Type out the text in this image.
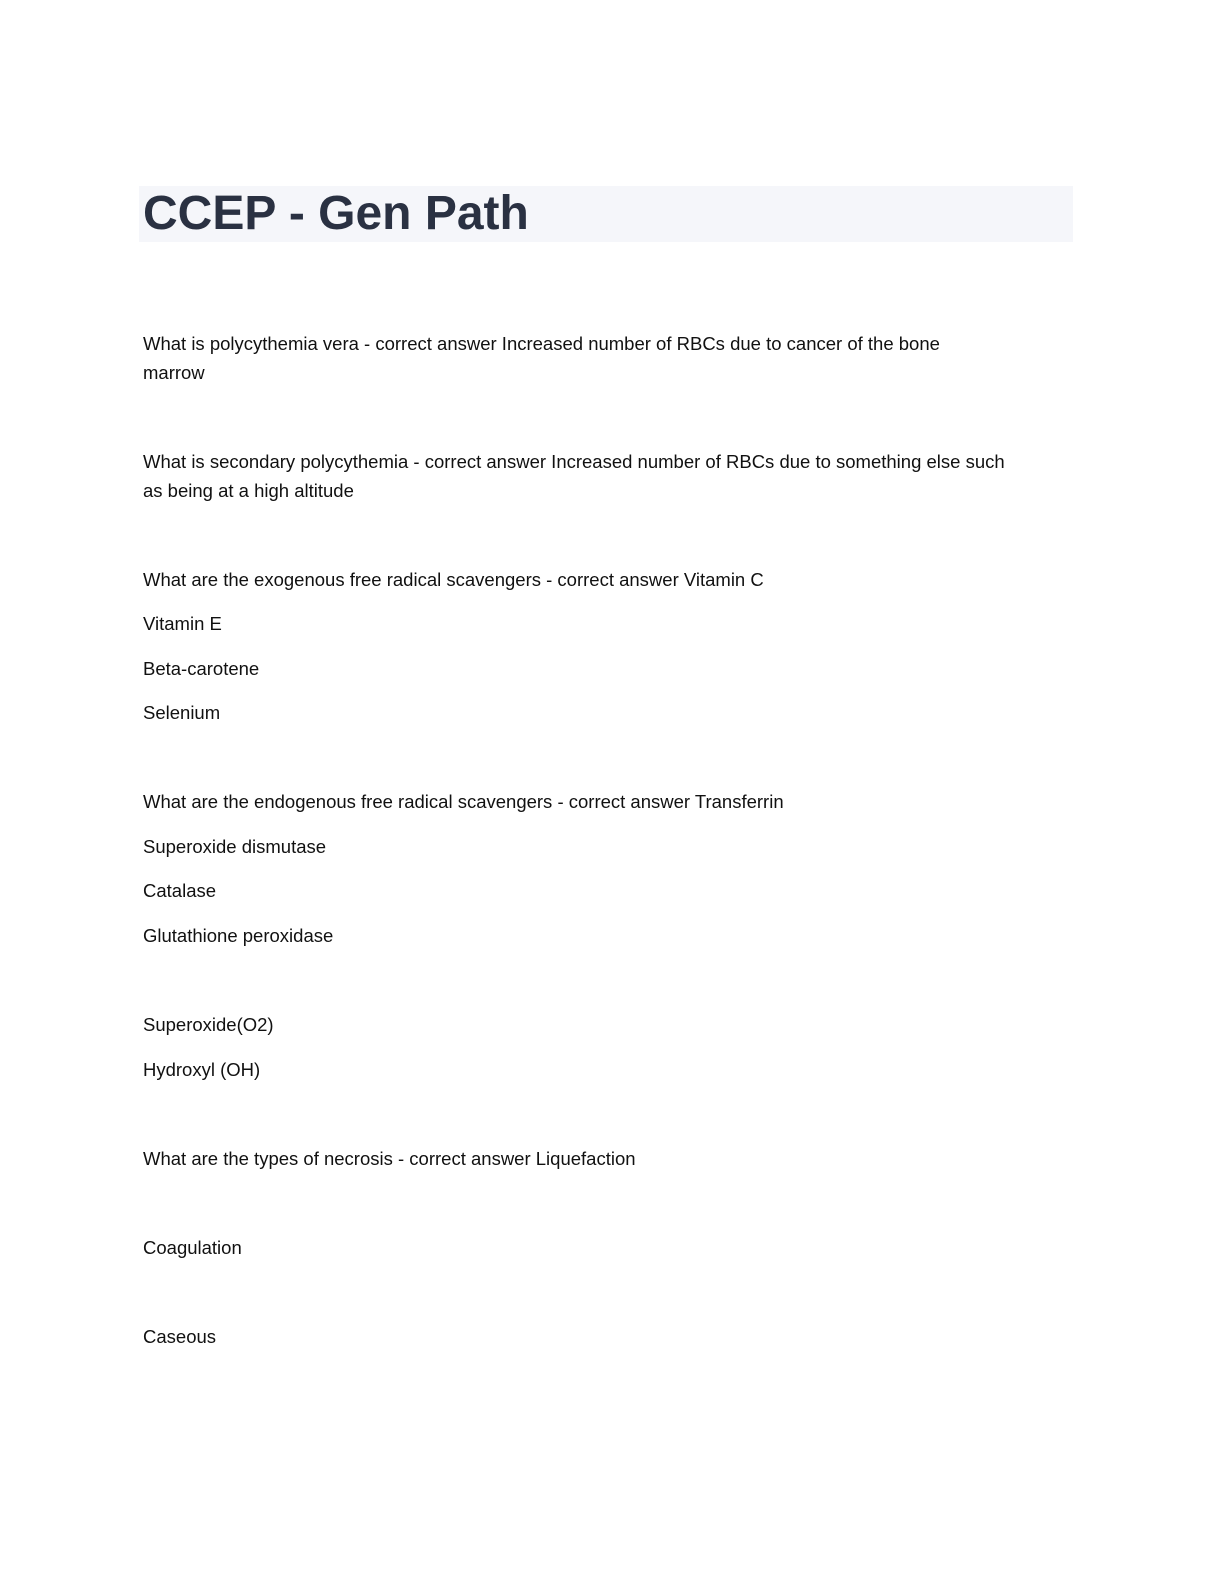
CCEP - Gen Path
What is polycythemia vera - correct answer Increased number of RBCs due to cancer of the bone
marrow
What is secondary polycythemia - correct answer Increased number of RBCs due to something else such
as being at a high altitude
What are the exogenous free radical scavengers - correct answer Vitamin C
Vitamin E
Beta-carotene
Selenium
What are the endogenous free radical scavengers - correct answer Transferrin
Superoxide dismutase
Catalase
Glutathione peroxidase
Superoxide(O2)
Hydroxyl (OH)
What are the types of necrosis - correct answer Liquefaction
Coagulation
Caseous
